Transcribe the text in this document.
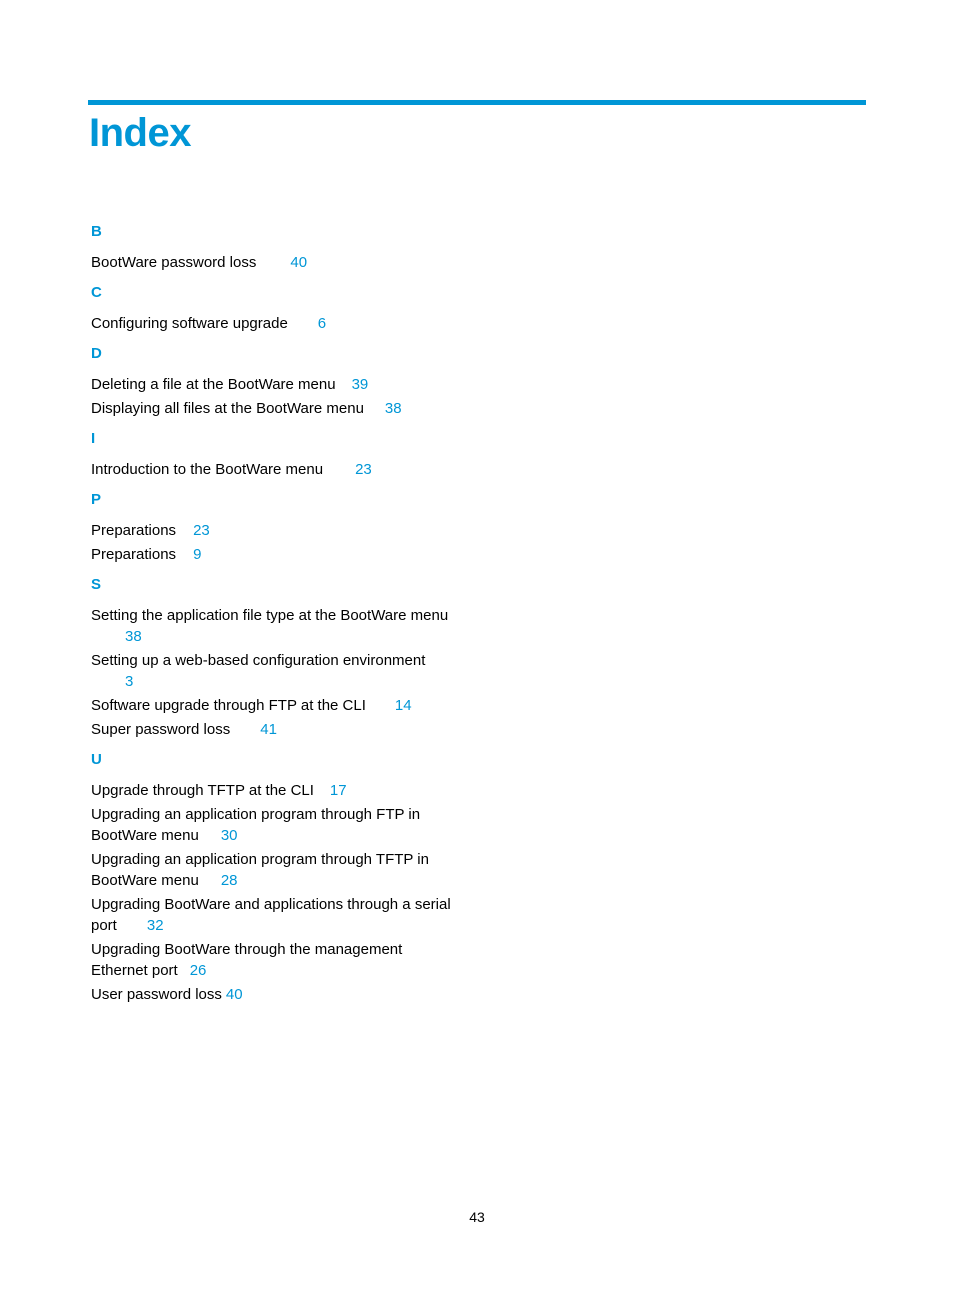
Index
B
BootWare password loss 40
C
Configuring software upgrade 6
D
Deleting a file at the BootWare menu 39
Displaying all files at the BootWare menu 38
I
Introduction to the BootWare menu 23
P
Preparations 23
Preparations 9
S
Setting the application file type at the BootWare menu
38
Setting up a web-based configuration environment
3
Software upgrade through FTP at the CLI 14
Super password loss 41
U
Upgrade through TFTP at the CLI 17
Upgrading an application program through FTP in BootWare menu 30
Upgrading an application program through TFTP in BootWare menu 28
Upgrading BootWare and applications through a serial port 32
Upgrading BootWare through the management Ethernet port 26
User password loss 40
43
